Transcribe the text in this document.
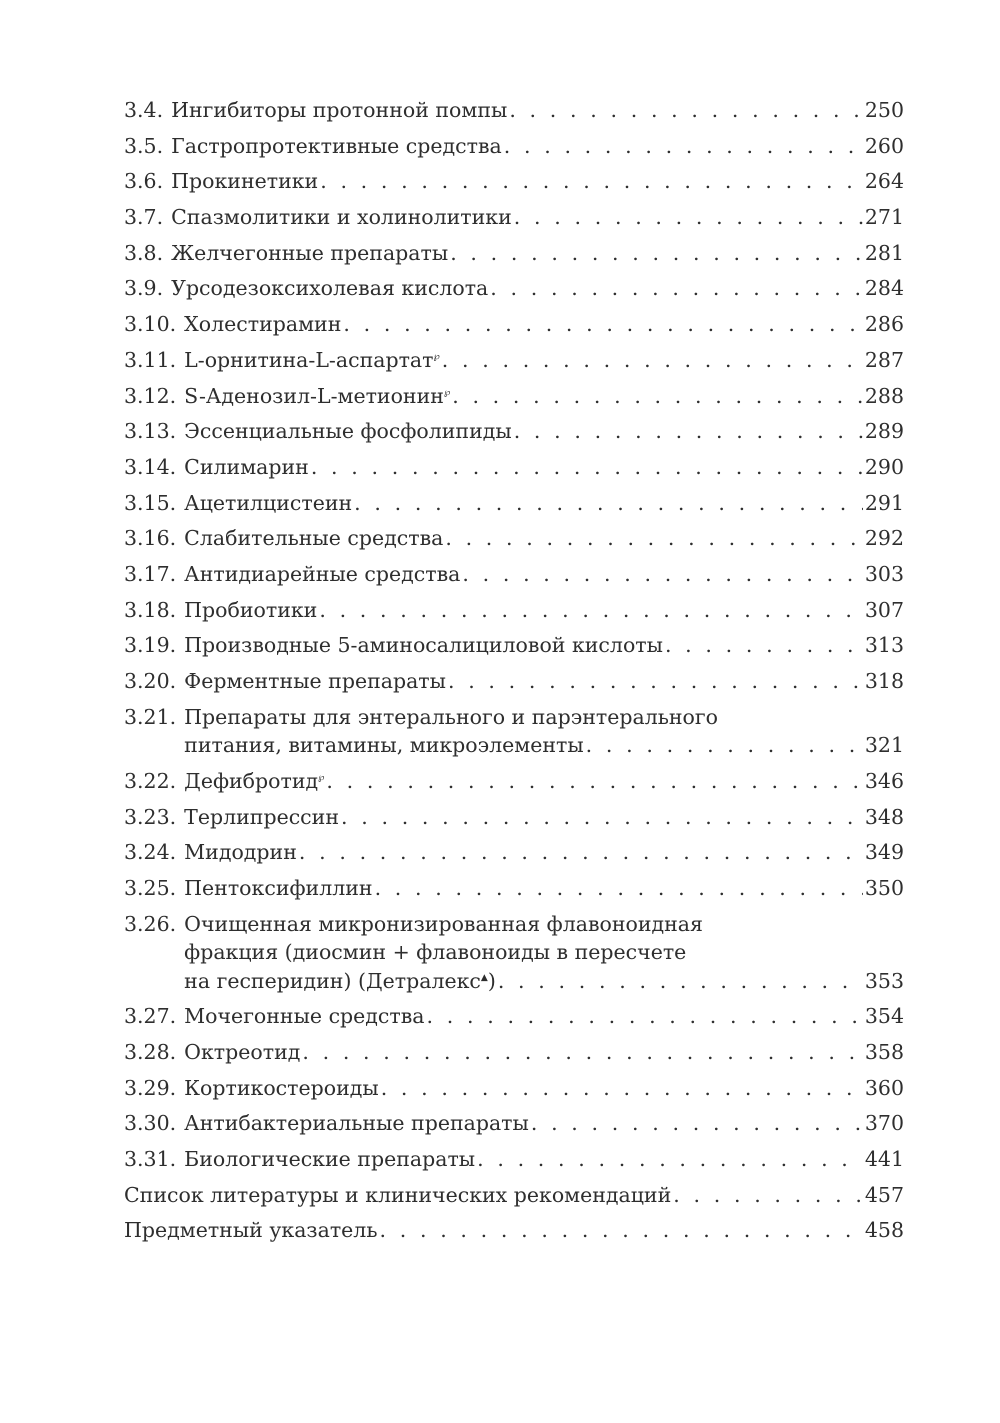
3.4. Ингибиторы протонной помпы . . .	250
3.5. Гастропротективные средства . . .	260
3.6. Прокинетики . . .	264
3.7. Спазмолитики и холинолитики . . .	271
3.8. Желчегонные препараты . . .	281
3.9. Урсодезоксихолевая кислота . . .	284
3.10. Холестирамин . . .	286
3.11. L-орнитина-L-аспартат℘ . . .	287
3.12. S-Аденозил-L-метионин℘ . . .	288
3.13. Эссенциальные фосфолипиды . . .	289
3.14. Силимарин . . .	290
3.15. Ацетилцистеин . . .	291
3.16. Слабительные средства . . .	292
3.17. Антидиарейные средства . . .	303
3.18. Пробиотики . . .	307
3.19. Производные 5-аминосалициловой кислоты . . .	313
3.20. Ферментные препараты . . .	318
3.21. Препараты для энтерального и парэнтерального
питания, витамины, микроэлементы . . .	321
3.22. Дефибротид℘ . . .	346
3.23. Терлипрессин . . .	348
3.24. Мидодрин . . .	349
3.25. Пентоксифиллин . . .	350
3.26. Очищенная микронизированная флавоноидная
фракция (диосмин + флавоноиды в пересчете
на гесперидин) (Детралекс▲) . . .	353
3.27. Мочегонные средства . . .	354
3.28. Октреотид . . .	358
3.29. Кортикостероиды . . .	360
3.30. Антибактериальные препараты . . .	370
3.31. Биологические препараты . . .	441
Список литературы и клинических рекомендаций . . .	457
Предметный указатель . . .	458
